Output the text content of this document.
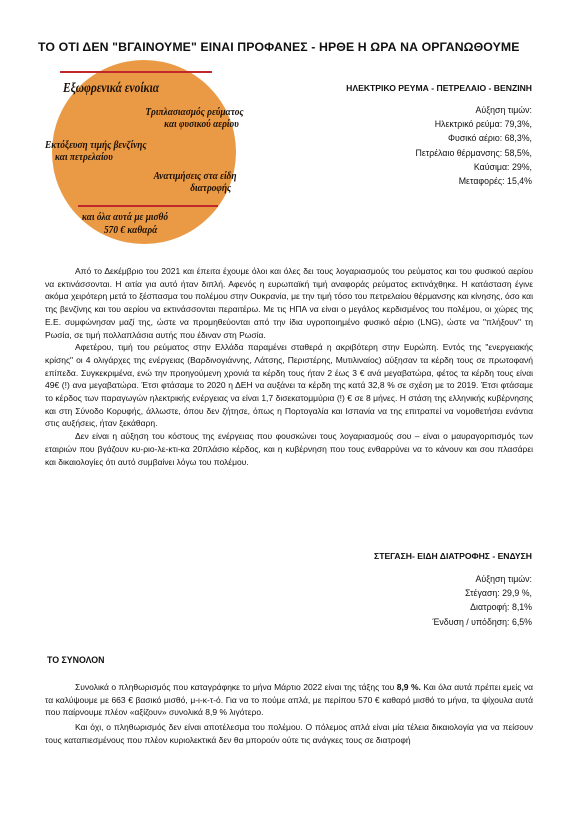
ΤΟ ΟΤΙ ΔΕΝ "ΒΓΑΙΝΟΥΜΕ" ΕΙΝΑΙ ΠΡΟΦΑΝΕΣ - ΗΡΘΕ Η ΩΡΑ ΝΑ ΟΡΓΑΝΩΘΟΥΜΕ
Εξωφρενικά ενοίκια
Τριπλασιασμός ρεύματος
και φυσικού αερίου
Εκτόξευση τιμής βενζίνης
και πετρελαίου
Ανατιμήσεις στα είδη
διατροφής
και όλα αυτά με μισθό
570 € καθαρά
ΗΛΕΚΤΡΙΚΟ ΡΕΥΜΑ - ΠΕΤΡΕΛΑΙΟ - ΒΕΝΖΙΝΗ
Αύξηση τιμών:
Ηλεκτρικό ρεύμα: 79,3%,
Φυσικό αέριο: 68,3%,
Πετρέλαιο θέρμανσης: 58,5%,
Καύσιμα: 29%,
Μεταφορές: 15,4%

Από το Δεκέμβριο του 2021 και έπειτα έχουμε όλοι και όλες δει τους λογαριασμούς του ρεύματος και του φυσικού αερίου να εκτινάσσονται. Η αιτία για αυτό ήταν διπλή. Αφενός η ευρωπαϊκή τιμή αναφοράς ρεύματος εκτινάχθηκε. Η κατάσταση έγινε ακόμα χειρότερη μετά το ξέσπασμα του πολέμου στην Ουκρανία, με την τιμή τόσο του πετρελαίου θέρμανσης και κίνησης, όσο και της βενζίνης και του αερίου να εκτινάσσονται περαιτέρω. Με τις ΗΠΑ να είναι ο μεγάλος κερδισμένος του πολέμου, οι χώρες της Ε.Ε. συμφώνησαν μαζί της, ώστε να προμηθεύονται από την ίδια υγροποιημένο φυσικό αέριο (LNG), ώστε να "πλήξουν" τη Ρωσία, σε τιμή πολλαπλάσια αυτής που έδιναν στη Ρωσία.

Αφετέρου, τιμή του ρεύματος στην Ελλάδα παραμένει σταθερά η ακριβότερη στην Ευρώπη. Εντός της "ενεργειακής κρίσης" οι 4 ολιγάρχες της ενέργειας (Βαρδινογιάννης, Λάτσης, Περιστέρης, Μυτιλιναίος) αύξησαν τα κέρδη τους σε πρωτοφανή επίπεδα. Συγκεκριμένα, ενώ την προηγούμενη χρονιά τα κέρδη τους ήταν 2 έως 3 € ανά μεγαβατώρα, φέτος τα κέρδη τους είναι 49€ (!) ανα μεγαβατώρα. Έτσι φτάσαμε το 2020 η ΔΕΗ να αυξάνει τα κέρδη της κατά 32,8 % σε σχέση με το 2019. Έτσι φτάσαμε το κέρδος των παραγωγών ηλεκτρικής ενέργειας να είναι 1,7 δισεκατομμύρια (!) € σε 8 μήνες. Η στάση της ελληνικής κυβέρνησης και στη Σύνοδο Κορυφής, άλλωστε, όπου δεν ζήτησε, όπως η Πορτογαλία και Ισπανία να της επιτραπεί να νομοθετήσει ενάντια στις αυξήσεις, ήταν ξεκάθαρη.

Δεν είναι η αύξηση του κόστους της ενέργειας που φουσκώνει τους λογαριασμούς σου – είναι ο μαυραγοριτισμός των εταιριών που βγάζουν κυ-ριο-λε-κτι-κα 20πλάσιο κέρδος, και η κυβέρνηση που τους ενθαρρύνει να το κάνουν και σου πλασάρει και δικαιολογίες ότι αυτό συμβαίνει λόγω του πολέμου.

ΣΤΕΓΑΣΗ- ΕΙΔΗ ΔΙΑΤΡΟΦΗΣ - ΕΝΔΥΣΗ
Αύξηση τιμών:
Στέγαση: 29,9 %,
Διατροφή: 8,1%
Ένδυση / υπόδηση: 6,5%
ΤΟ ΣΥΝΟΛΟΝ

Συνολικά ο πληθωρισμός που καταγράφηκε το μήνα Μάρτιο 2022 είναι της τάξης του 8,9 %. Και όλα αυτά πρέπει εμείς να τα καλύψουμε με 663 € βασικό μισθό, μ-ι-κ-τ-ό. Για να το πούμε απλά, με περίπου 570 € καθαρό μισθό το μήνα, τα ψίχουλα αυτά που παίρνουμε πλέον «αξίζουν» συνολικά 8,9 % λιγότερο.

Και όχι, ο πληθωρισμός δεν είναι αποτέλεσμα του πολέμου. Ο πόλεμος απλά είναι μία τέλεια δικαιολογία για να πείσουν τους καταπιεσμένους που πλέον κυριολεκτικά δεν θα μπορούν ούτε τις ανάγκες τους σε διατροφή
